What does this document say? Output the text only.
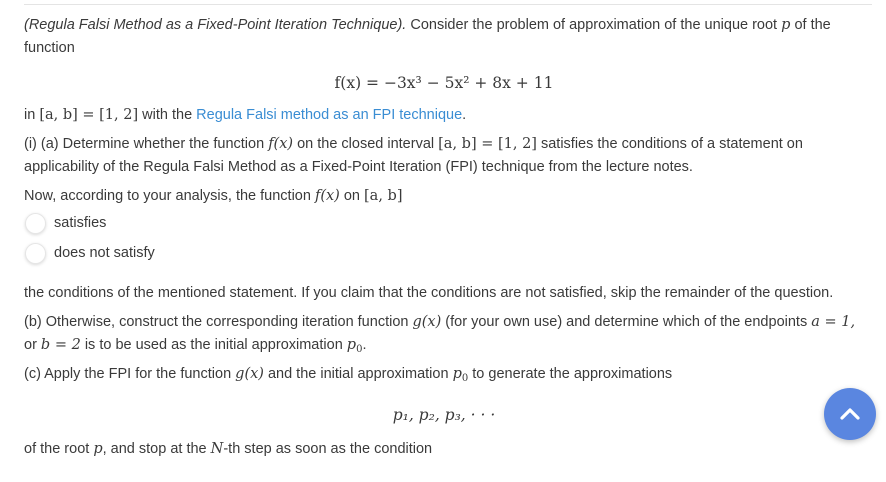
(Regula Falsi Method as a Fixed-Point Iteration Technique). Consider the problem of approximation of the unique root p of the
function

f(x) = −3x³ − 5x² + 8x + 11

in [a, b] = [1, 2] with the Regula Falsi method as an FPI technique.

(i) (a) Determine whether the function f(x) on the closed interval [a, b] = [1, 2] satisfies the conditions of a statement on
applicability of the Regula Falsi Method as a Fixed-Point Iteration (FPI) technique from the lecture notes.

Now, according to your analysis, the function f(x) on [a, b]

satisfies
does not satisfy

the conditions of the mentioned statement. If you claim that the conditions are not satisfied, skip the remainder of the question.

(b) Otherwise, construct the corresponding iteration function g(x) (for your own use) and determine which of the endpoints a = 1,
or b = 2 is to be used as the initial approximation $p_0$.

(c) Apply the FPI for the function g(x) and the initial approximation $p_0$ to generate the approximations

p₁, p₂, p₃, · · ·

of the root p, and stop at the N-th step as soon as the condition
